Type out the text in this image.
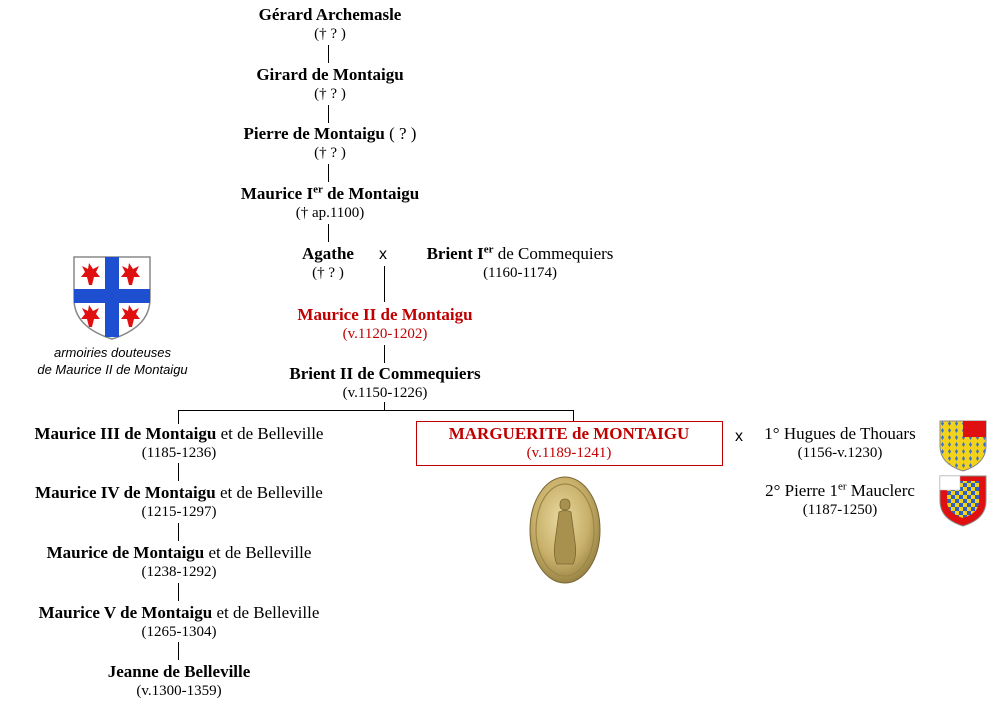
Gérard Archemasle
(† ? )
Girard de Montaigu
(† ? )
Pierre de Montaigu ( ? )
(† ? )
Maurice Ier de Montaigu
(† ap.1100)
Agathe
(† ? )
x	Brient Ier de Commequiers
(1160-1174)
Maurice II de Montaigu
(v.1120-1202)
armoiries douteuses
de Maurice II de Montaigu	Brient II de Commequiers
(v.1150-1226)
Maurice III de Montaigu et de Belleville
(1185-1236)
Maurice IV de Montaigu et de Belleville
(1215-1297)
Maurice de Montaigu et de Belleville
(1238-1292)
Maurice V de Montaigu et de Belleville
(1265-1304)
Jeanne de Belleville
(v.1300-1359)
MARGUERITE de MONTAIGU
(v.1189-1241)
x	1° Hugues de Thouars
(1156-v.1230)
2° Pierre 1er Mauclerc
(1187-1250)
